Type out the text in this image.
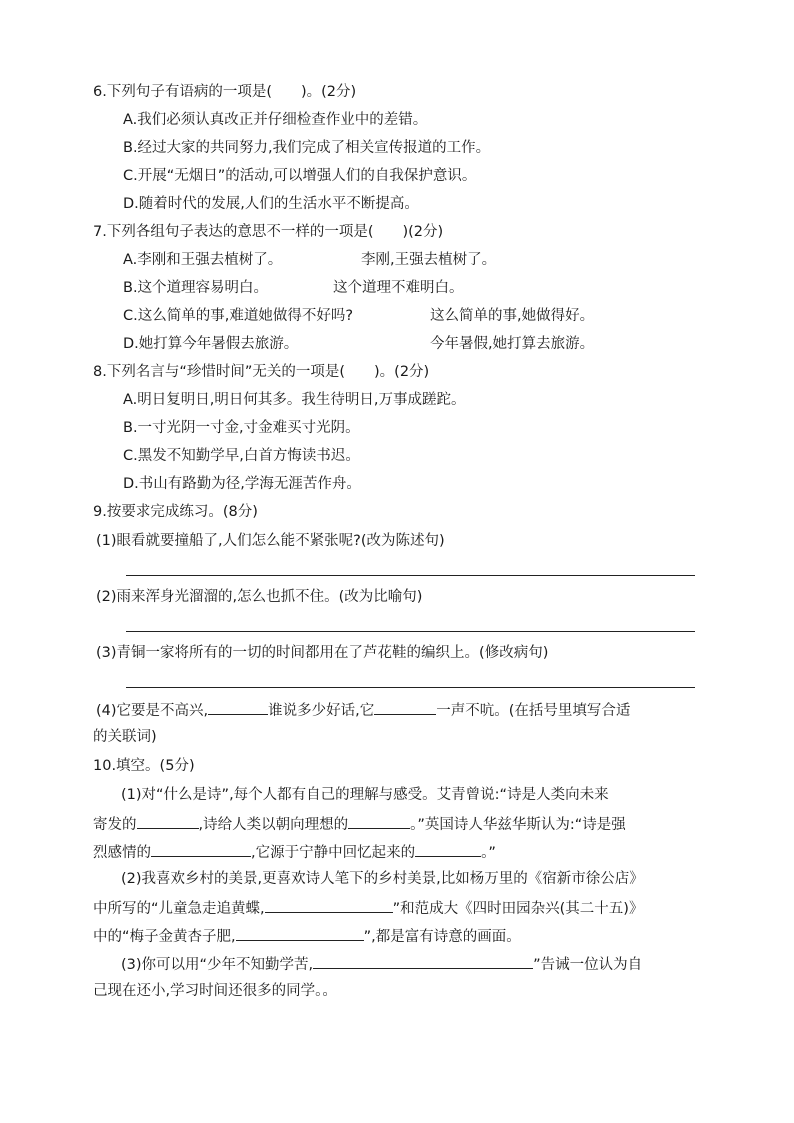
6.下列句子有语病的一项是(　　)。(2分)
A.我们必须认真改正并仔细检查作业中的差错。
B.经过大家的共同努力,我们完成了相关宣传报道的工作。
C.开展“无烟日”的活动,可以增强人们的自我保护意识。
D.随着时代的发展,人们的生活水平不断提高。
7.下列各组句子表达的意思不一样的一项是(　　)(2分)
A.李刚和王强去植树了。	李刚,王强去植树了。
B.这个道理容易明白。	这个道理不难明白。
C.这么简单的事,难道她做得不好吗?	这么简单的事,她做得好。
D.她打算今年暑假去旅游。	今年暑假,她打算去旅游。
8.下列名言与“珍惜时间”无关的一项是(　　)。(2分)
A.明日复明日,明日何其多。我生待明日,万事成蹉跎。
B.一寸光阴一寸金,寸金难买寸光阴。
C.黑发不知勤学早,白首方悔读书迟。
D.书山有路勤为径,学海无涯苦作舟。
9.按要求完成练习。(8分)
(1)眼看就要撞船了,人们怎么能不紧张呢?(改为陈述句)
(2)雨来浑身光溜溜的,怎么也抓不住。(改为比喻句)
(3)青铜一家将所有的一切的时间都用在了芦花鞋的编织上。(修改病句)
(4)它要是不高兴,	谁说多少好话,它	一声不吭。(在括号里填写合适
的关联词)
10.填空。(5分)
(1)对“什么是诗”,每个人都有自己的理解与感受。艾青曾说:“诗是人类向未来
寄发的	,诗给人类以朝向理想的	。”英国诗人华兹华斯认为:“诗是强
烈感情的	,它源于宁静中回忆起来的	。”
(2)我喜欢乡村的美景,更喜欢诗人笔下的乡村美景,比如杨万里的《宿新市徐公店》
中所写的“儿童急走追黄蝶,	”和范成大《四时田园杂兴(其二十五)》
中的“梅子金黄杏子肥,	”,都是富有诗意的画面。
(3)你可以用“少年不知勤学苦,	”告诫一位认为自
己现在还小,学习时间还很多的同学。。
